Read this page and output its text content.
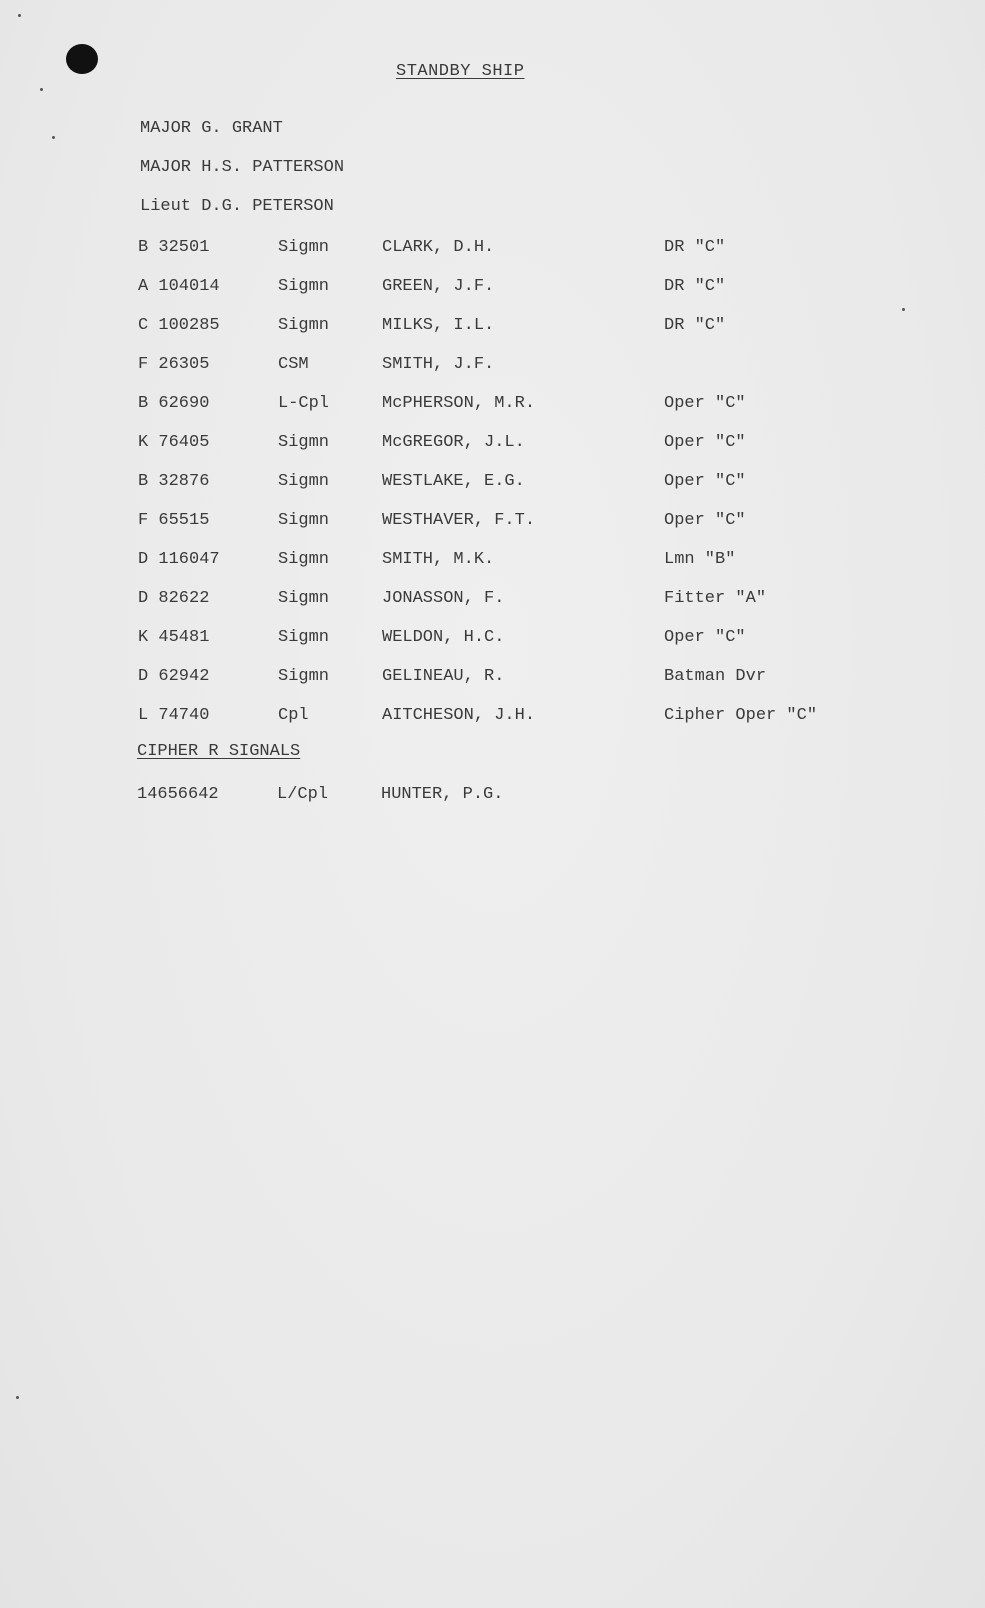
STANDBY SHIP
MAJOR G. GRANT
MAJOR H.S. PATTERSON
Lieut D.G. PETERSON
B 32501	Sigmn	CLARK, D.H.	DR "C"
A 104014	Sigmn	GREEN, J.F.	DR "C"
C 100285	Sigmn	MILKS, I.L.	DR "C"
F 26305	CSM	SMITH, J.F.
B 62690	L-Cpl	McPHERSON, M.R.	Oper "C"
K 76405	Sigmn	McGREGOR, J.L.	Oper "C"
B 32876	Sigmn	WESTLAKE, E.G.	Oper "C"
F 65515	Sigmn	WESTHAVER, F.T.	Oper "C"
D 116047	Sigmn	SMITH, M.K.	Lmn "B"
D 82622	Sigmn	JONASSON, F.	Fitter "A"
K 45481	Sigmn	WELDON, H.C.	Oper "C"
D 62942	Sigmn	GELINEAU, R.	Batman Dvr
L 74740	Cpl	AITCHESON, J.H.	Cipher Oper "C"
CIPHER R SIGNALS
14656642	L/Cpl	HUNTER, P.G.
